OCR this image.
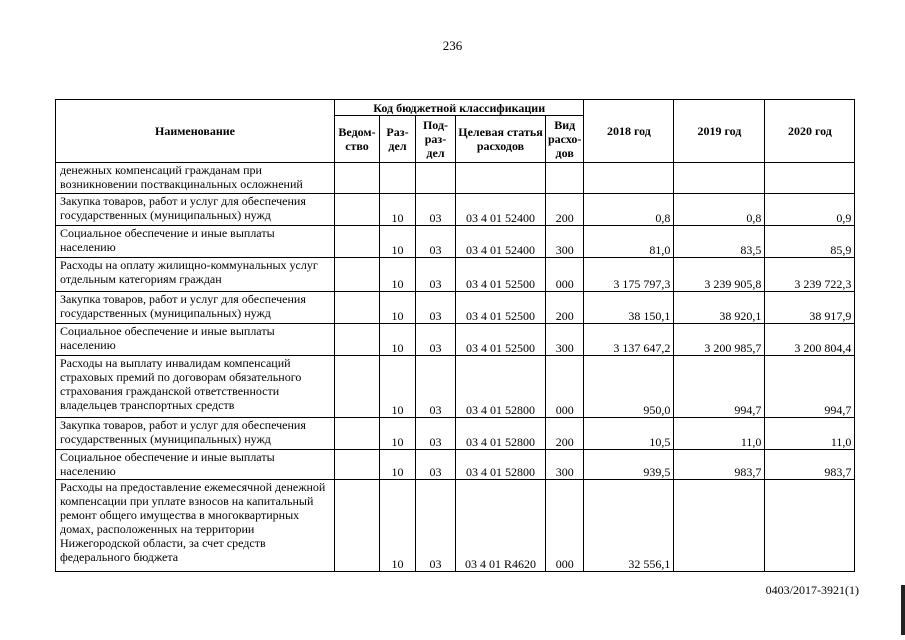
236
Наименование	Код бюджетной классификации					2018 год	2019 год	2020 год
	Ведом-ство	Раз-дел	Под-раз-дел	Целевая статья расходов	Вид расхо-дов			
денежных компенсаций гражданам при возникновении поствакцинальных осложнений								
Закупка товаров, работ и услуг для обеспечения государственных (муниципальных) нужд		10	03	03 4 01 52400	200	0,8	0,8	0,9
Социальное обеспечение и иные выплаты населению		10	03	03 4 01 52400	300	81,0	83,5	85,9
Расходы на оплату жилищно-коммунальных услуг отдельным категориям граждан		10	03	03 4 01 52500	000	3 175 797,3	3 239 905,8	3 239 722,3
Закупка товаров, работ и услуг для обеспечения государственных (муниципальных) нужд		10	03	03 4 01 52500	200	38 150,1	38 920,1	38 917,9
Социальное обеспечение и иные выплаты населению		10	03	03 4 01 52500	300	3 137 647,2	3 200 985,7	3 200 804,4
Расходы на выплату инвалидам компенсаций страховых премий по договорам обязательного страхования гражданской ответственности владельцев транспортных средств		10	03	03 4 01 52800	000	950,0	994,7	994,7
Закупка товаров, работ и услуг для обеспечения государственных (муниципальных) нужд		10	03	03 4 01 52800	200	10,5	11,0	11,0
Социальное обеспечение и иные выплаты населению		10	03	03 4 01 52800	300	939,5	983,7	983,7
Расходы на предоставление ежемесячной денежной компенсации при уплате взносов на капитальный ремонт общего имущества в многоквартирных домах, расположенных на территории Нижегородской области, за счет средств федерального бюджета		10	03	03 4 01 R4620	000	32 556,1		
0403/2017-3921(1)
